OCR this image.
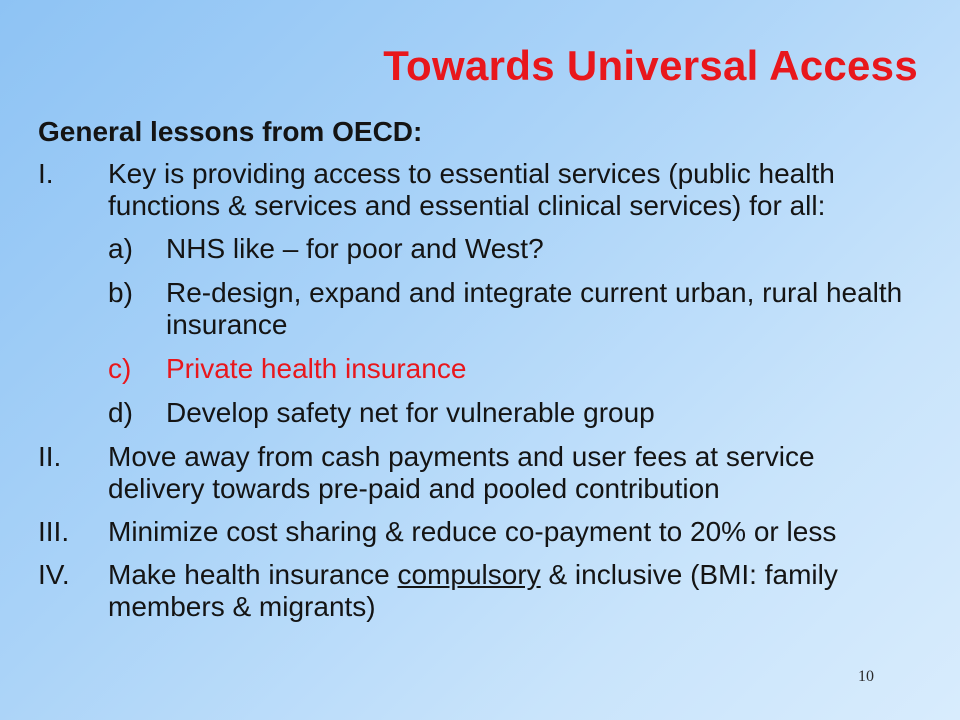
Towards Universal Access
General lessons from OECD:
I.	Key is providing access to essential services (public health functions & services and essential clinical services) for all:
a)	NHS like – for poor and West?
b)	Re-design, expand and integrate current urban, rural health insurance
c)	Private health insurance
d)	Develop safety net for vulnerable group
II.	Move away from cash payments and user fees at service delivery towards pre-paid and pooled contribution
III.	Minimize cost sharing & reduce co-payment to 20% or less
IV.	Make health insurance compulsory & inclusive (BMI: family members & migrants)
10
